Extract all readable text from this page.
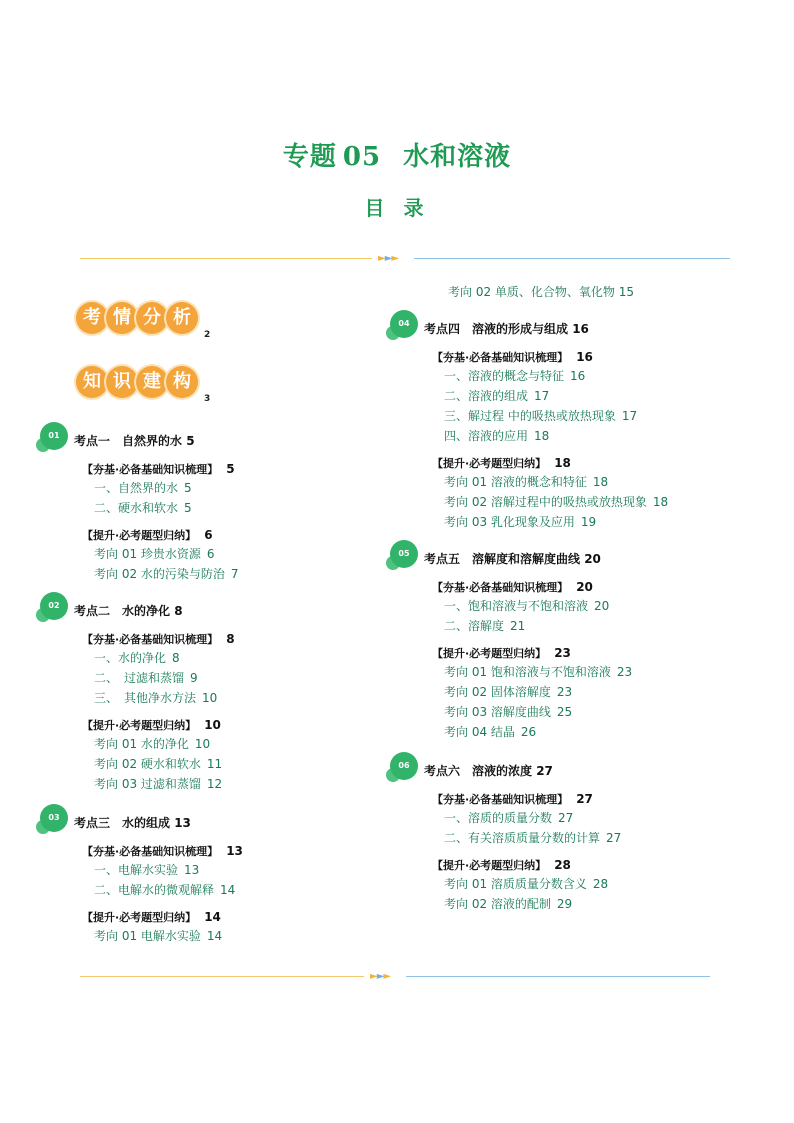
专题 05 水和溶液
目 录
►►►
►►►
考 情 分 析
2
知 识 建 构
3
01	考点一　自然界的水 5
【夯基·必备基础知识梳理】 5
一、自然界的水 5
二、硬水和软水 5
【提升·必考题型归纳】 6
考向 01 珍贵水资源 6
考向 02 水的污染与防治 7
02	考点二　水的净化 8
【夯基·必备基础知识梳理】 8
一、水的净化 8
二、　过滤和蒸馏 9
三、　其他净水方法 10
【提升·必考题型归纳】 10
考向 01 水的净化 10
考向 02 硬水和软水 11
考向 03 过滤和蒸馏 12
03	考点三　水的组成 13
【夯基·必备基础知识梳理】 13
一、电解水实验 13
二、电解水的微观解释 14
【提升·必考题型归纳】 14
考向 01 电解水实验 14
考向 02 单质、化合物、氧化物 15
04	考点四　溶液的形成与组成 16
【夯基·必备基础知识梳理】 16
一、溶液的概念与特征 16
二、溶液的组成 17
三、解过程 中的吸热或放热现象 17
四、溶液的应用 18
【提升·必考题型归纳】 18
考向 01 溶液的概念和特征 18
考向 02 溶解过程中的吸热或放热现象 18
考向 03 乳化现象及应用 19
05	考点五　溶解度和溶解度曲线 20
【夯基·必备基础知识梳理】 20
一、饱和溶液与不饱和溶液 20
二、溶解度 21
【提升·必考题型归纳】 23
考向 01 饱和溶液与不饱和溶液 23
考向 02 固体溶解度 23
考向 03 溶解度曲线 25
考向 04 结晶 26
06	考点六　溶液的浓度 27
【夯基·必备基础知识梳理】 27
一、溶质的质量分数 27
二、有关溶质质量分数的计算 27
【提升·必考题型归纳】 28
考向 01 溶质质量分数含义 28
考向 02 溶液的配制 29
